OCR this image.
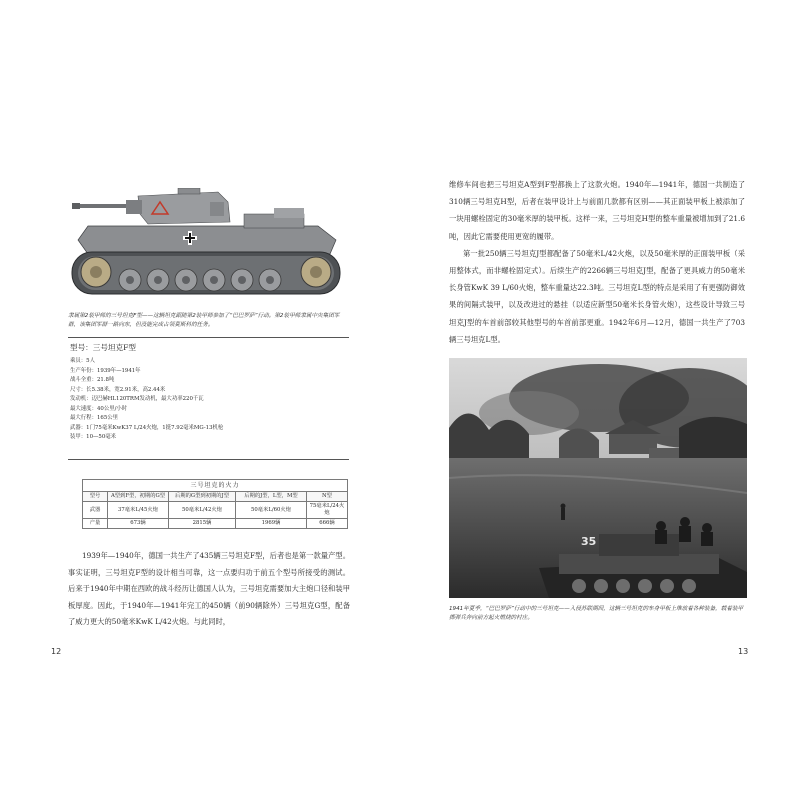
隶属第2装甲师的三号坦克F型——这辆坦克跟随第2装甲师参加了“巴巴罗萨”行动。第2装甲师隶属中央集团军群，该集团军群一路向东，但没能完成占领莫斯科的任务。
型号：三号坦克F型
乘员：5人
生产年份：1939年—1941年
战斗全重：21.8吨
尺寸：长5.38米，宽2.91米，高2.44米
发动机：迈巴赫HL120TRM发动机，最大功率220千瓦
最大速度：40公里/小时
最大行程：165公里
武器：1门75毫米KwK37 L/24火炮，1挺7.92毫米MG-13机枪
装甲：10—50毫米
三号坦克的火力				
型号	A型到F型，初期的G型	后期的G型到初期的J型	后期的J型，L型，M型	N型
武器	37毫米L/45火炮	50毫米L/42火炮	50毫米L/60火炮	75毫米L/24火炮
产量	673辆	2815辆	1969辆	666辆
1939年—1940年，德国一共生产了435辆三号坦克F型，后者也是第一款量产型。事实证明，三号坦克F型的设计相当可靠，这一点要归功于前五个型号所接受的测试。后来于1940年中期在西欧的战斗经历让德国人认为，三号坦克需要加大主炮口径和装甲板厚度。因此，于1940年—1941年完工的450辆（前90辆除外）三号坦克G型，配备了威力更大的50毫米KwK L/42火炮。与此同时，
12
维修车间也把三号坦克A型到F型都换上了这款火炮。1940年—1941年，德国一共制造了310辆三号坦克H型，后者在装甲设计上与前面几款都有区别——其正面装甲板上被添加了一块用螺栓固定的30毫米厚的装甲板。这样一来，三号坦克H型的整车重量被增加到了21.6吨，因此它需要使用更宽的履带。
第一批250辆三号坦克J型都配备了50毫米L/42火炮，以及50毫米厚的正面装甲板（采用整体式，而非螺栓固定式）。后续生产的2266辆三号坦克J型，配备了更具威力的50毫米长身管KwK 39 L/60火炮，整车重量达22.3吨。三号坦克L型的特点是采用了有更强防御效果的间隔式装甲，以及改进过的悬挂（以适应新型50毫米长身管火炮），这些设计导致三号坦克J型的车首前部较其他型号的车首前部更重。1942年6月—12月，德国一共生产了703辆三号坦克L型。
35
1941年夏季，“巴巴罗萨”行动中的三号坦克——入侵苏联期间，这辆三号坦克的车身甲板上堆放着各种装备，载着装甲掷弹兵奔向前方起火燃烧的村庄。
13
